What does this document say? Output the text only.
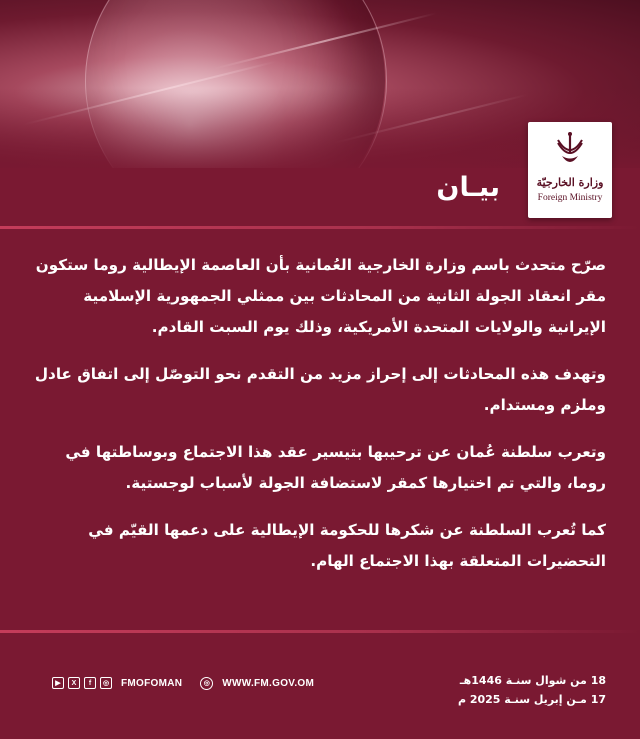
وزارة الخارجيّة
Foreign Ministry
بيـان

صرّح متحدث باسم وزارة الخارجية العُمانية بأن العاصمة الإيطالية روما ستكون مقر انعقاد الجولة الثانية من المحادثات بين ممثلي الجمهورية الإسلامية الإيرانية والولايات المتحدة الأمريكية، وذلك يوم السبت القادم.

وتهدف هذه المحادثات إلى إحراز مزيد من التقدم نحو التوصّل إلى اتفاق عادل وملزم ومستدام.

وتعرب سلطنة عُمان عن ترحيبها بتيسير عقد هذا الاجتماع وبوساطتها في روما، والتي تم اختيارها كمقر لاستضافة الجولة لأسباب لوجستية.

كما تُعرب السلطنة عن شكرها للحكومة الإيطالية على دعمها القيّم في التحضيرات المتعلقة بهذا الاجتماع الهام.

18 من شوال سنـة 1446هـ
17 مـن إبريل سنـة 2025 م
▶	X	f	◎ FMOFOMAN	◎	WWW.FM.GOV.OM
